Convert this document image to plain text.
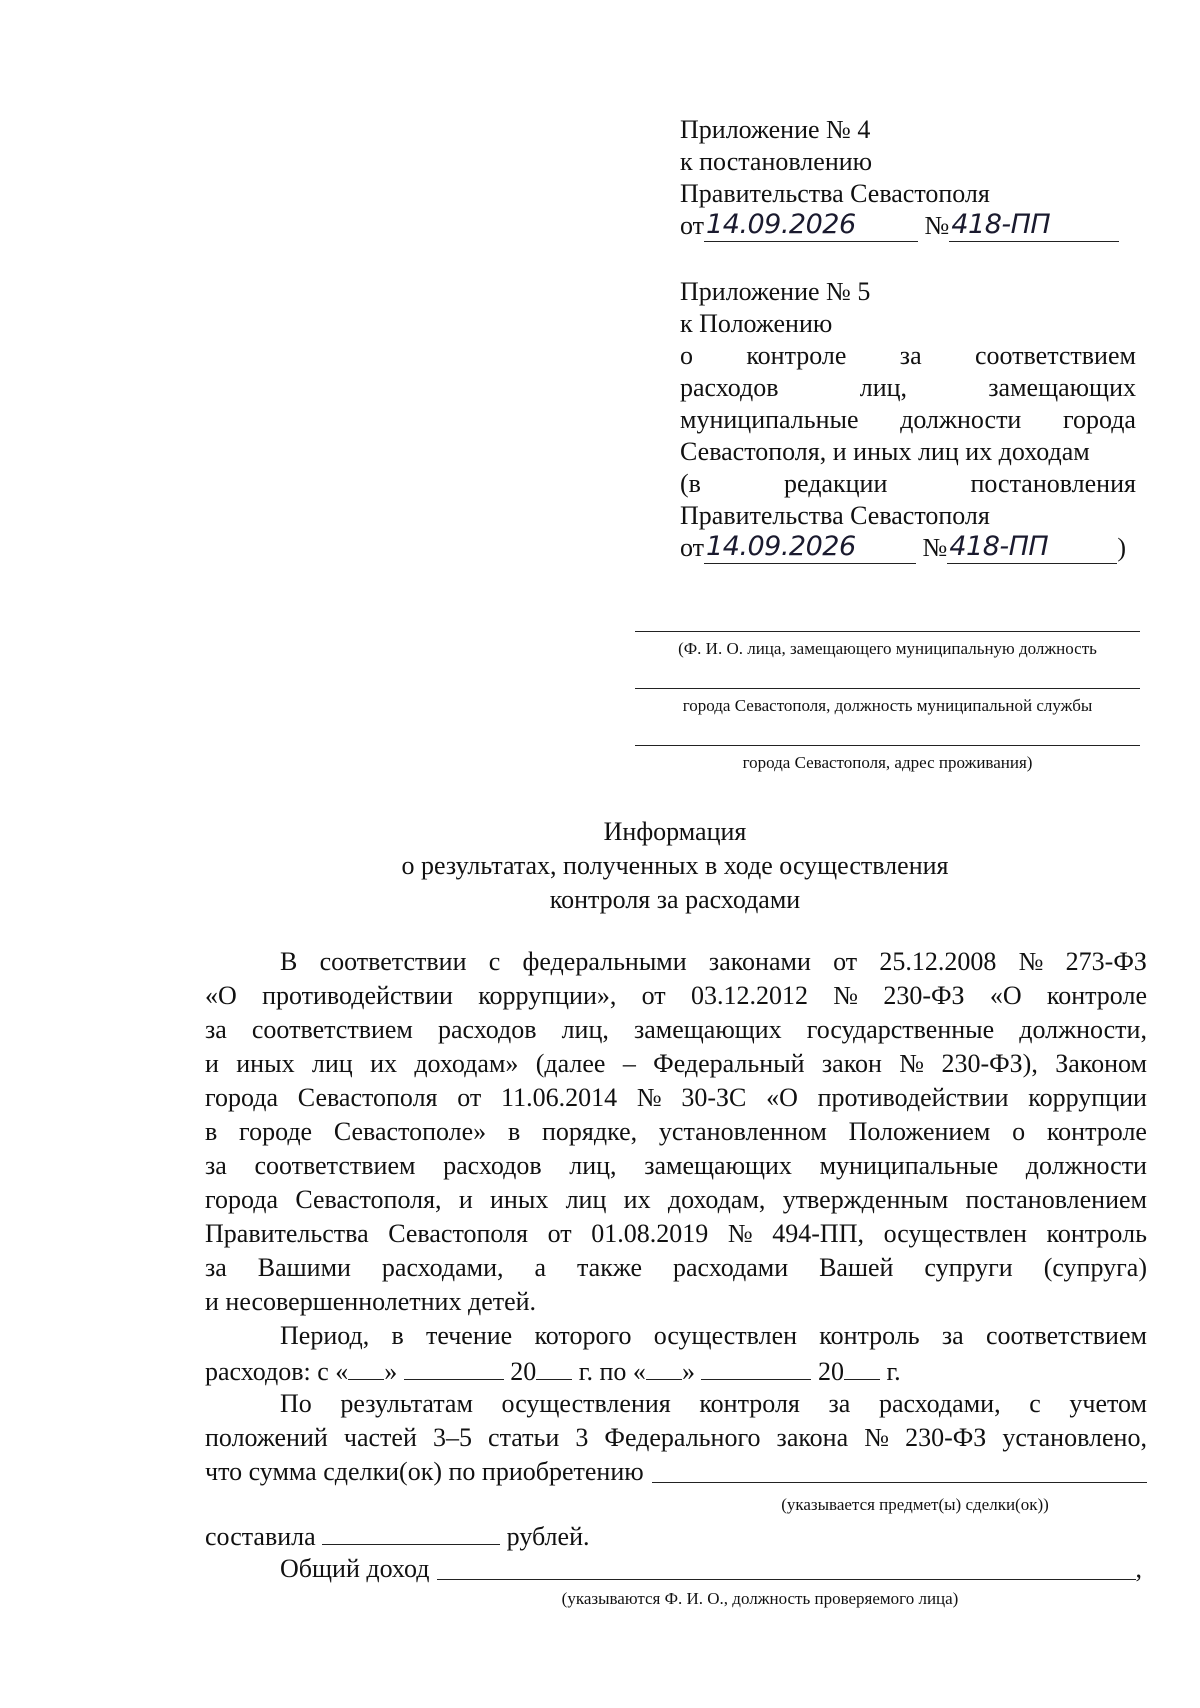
Приложение № 4
к постановлению
Правительства Севастополя
от 14.09.2026	№ 418-ПП
Приложение № 5
к Положению
о контроле за соответствием
расходов	лиц,	замещающих
муниципальные должности города
Севастополя, и иных лиц их доходам
(в	редакции	постановления
Правительства Севастополя
от 14.09.2026	№ 418-ПП	)
(Ф. И. О. лица, замещающего муниципальную должность
города Севастополя, должность муниципальной службы
города Севастополя, адрес проживания)
Информация
о результатах, полученных в ходе осуществления
контроля за расходами
В соответствии с федеральными законами от 25.12.2008 № 273-ФЗ
«О противодействии коррупции», от 03.12.2012 № 230-ФЗ «О контроле
за соответствием расходов лиц, замещающих государственные должности,
и иных лиц их доходам» (далее – Федеральный закон № 230-ФЗ), Законом
города Севастополя от 11.06.2014 № 30-ЗС «О противодействии коррупции
в городе Севастополе» в порядке, установленном Положением о контроле
за соответствием расходов лиц, замещающих муниципальные должности
города Севастополя, и иных лиц их доходам, утвержденным постановлением
Правительства Севастополя от 01.08.2019 № 494-ПП, осуществлен контроль
за Вашими расходами, а также расходами Вашей супруги (супруга)
и несовершеннолетних детей.
Период, в течение которого осуществлен контроль за соответствием
расходов: с « »	20 г. по « »	20 г.
По результатам осуществления контроля за расходами, с учетом
положений частей 3–5 статьи 3 Федерального закона № 230-ФЗ установлено,
что сумма сделки(ок) по приобретению
(указывается предмет(ы) сделки(ок))
составила	рублей.
Общий доход	,
(указываются Ф. И. О., должность проверяемого лица)
